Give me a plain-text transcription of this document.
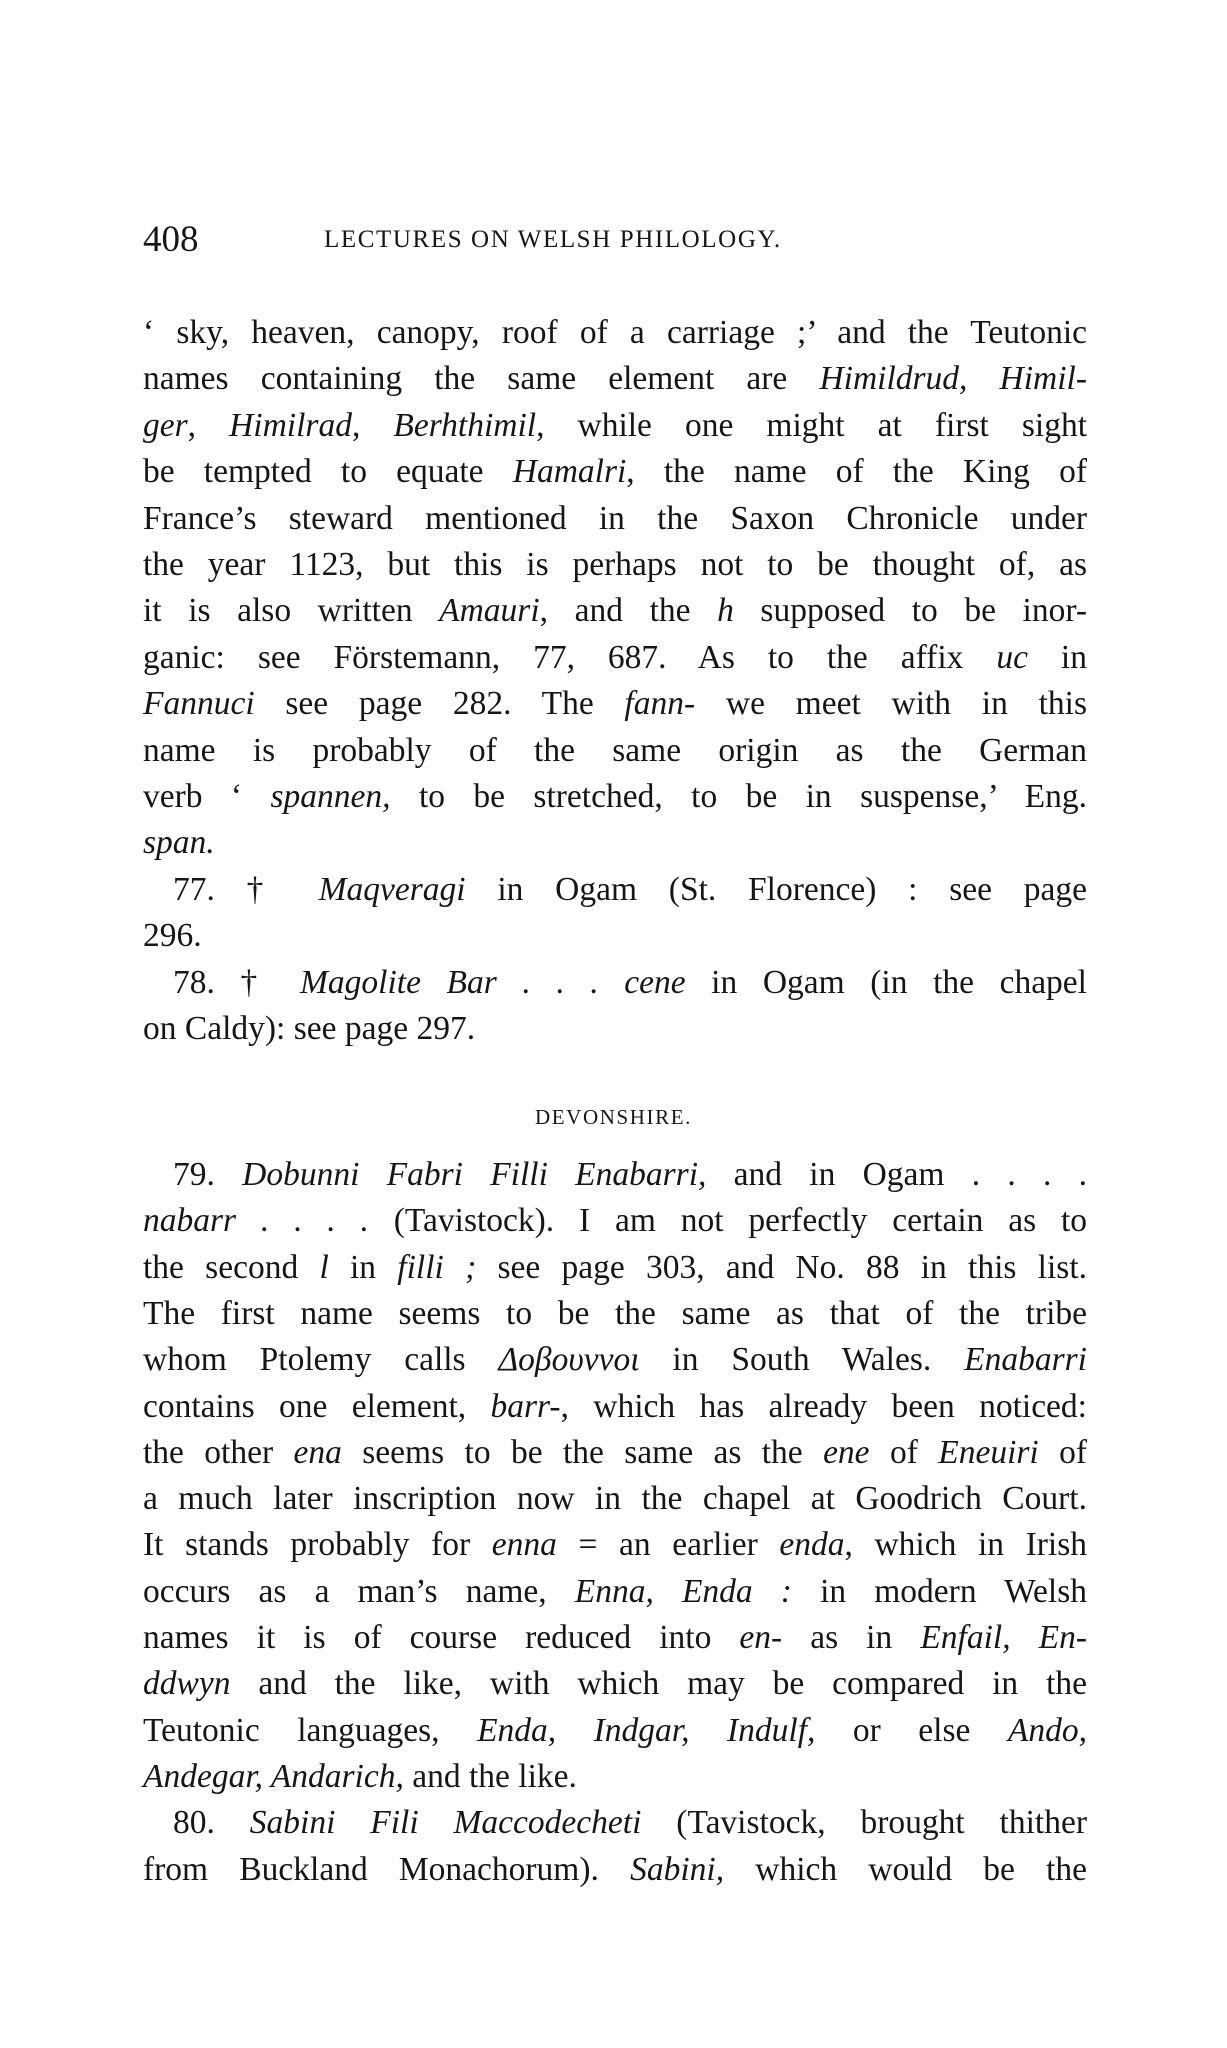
408	LECTURES ON WELSH PHILOLOGY.
DEVONSHIRE.
‘ sky, heaven, canopy, roof of a carriage ;’ and the Teutonic
names containing the same element are Himildrud, Himil-
ger, Himilrad, Berhthimil, while one might at first sight
be tempted to equate Hamalri, the name of the King of
France’s steward mentioned in the Saxon Chronicle under
the year 1123, but this is perhaps not to be thought of, as
it is also written Amauri, and the h supposed to be inor-
ganic: see Förstemann, 77, 687. As to the affix uc in
Fannuci see page 282. The fann- we meet with in this
name is probably of the same origin as the German
verb ‘ spannen, to be stretched, to be in suspense,’ Eng.
span.
77. † Maqveragi in Ogam (St. Florence) : see page
296.
78. † Magolite Bar . . . cene in Ogam (in the chapel
on Caldy): see page 297.
79. Dobunni Fabri Filli Enabarri, and in Ogam . . . .
nabarr . . . . (Tavistock). I am not perfectly certain as to
the second l in filli ; see page 303, and No. 88 in this list.
The first name seems to be the same as that of the tribe
whom Ptolemy calls Δοβουννοι in South Wales. Enabarri
contains one element, barr-, which has already been noticed:
the other ena seems to be the same as the ene of Eneuiri of
a much later inscription now in the chapel at Goodrich Court.
It stands probably for enna = an earlier enda, which in Irish
occurs as a man’s name, Enna, Enda : in modern Welsh
names it is of course reduced into en- as in Enfail, En-
ddwyn and the like, with which may be compared in the
Teutonic languages, Enda, Indgar, Indulf, or else Ando,
Andegar, Andarich, and the like.
80. Sabini Fili Maccodecheti (Tavistock, brought thither
from Buckland Monachorum). Sabini, which would be the
